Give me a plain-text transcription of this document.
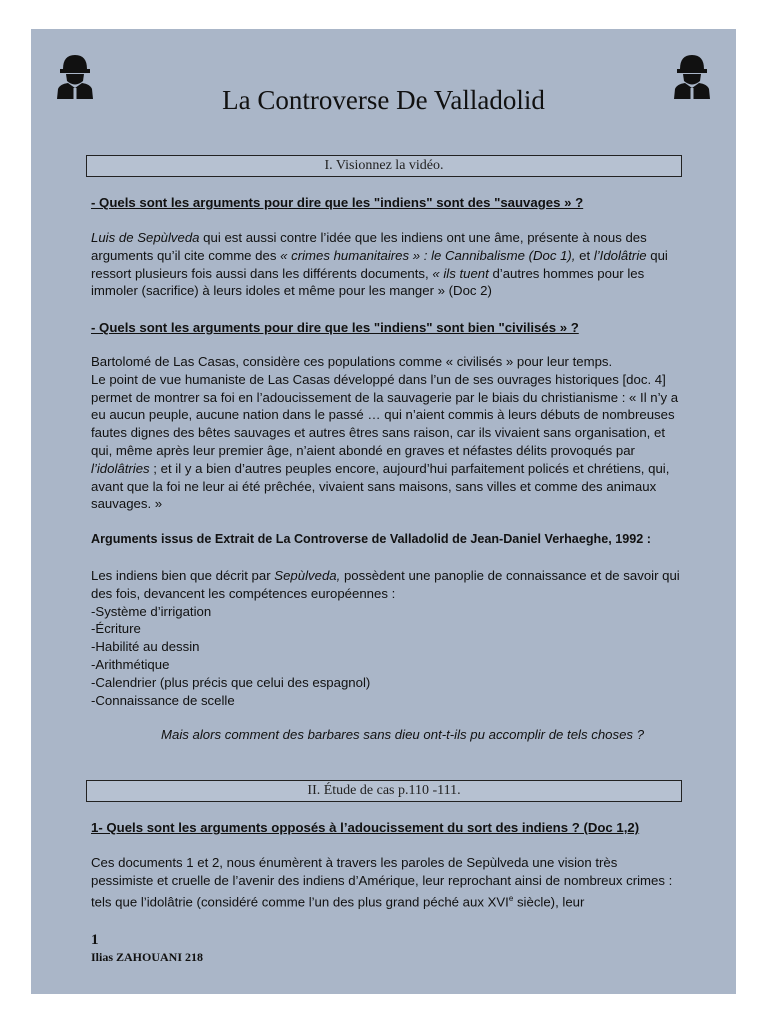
La Controverse De Valladolid
I. Visionnez la vidéo.
- Quels sont les arguments pour dire que les "indiens" sont des "sauvages » ?

Luis de Sepùlveda qui est aussi contre l’idée que les indiens ont une âme, présente à nous des arguments qu’il cite comme des « crimes humanitaires » : le Cannibalisme (Doc 1), et l’Idolâtrie qui ressort plusieurs fois aussi dans les différents documents, « ils tuent d’autres hommes pour les immoler (sacrifice) à leurs idoles et même pour les manger » (Doc 2)

- Quels sont les arguments pour dire que les "indiens" sont bien "civilisés » ?

Bartolomé de Las Casas, considère ces populations comme « civilisés » pour leur temps.

Le point de vue humaniste de Las Casas développé dans l’un de ses ouvrages historiques [doc. 4] permet de montrer sa foi en l’adoucissement de la sauvagerie par le biais du christianisme : « Il n’y a eu aucun peuple, aucune nation dans le passé … qui n’aient commis à leurs débuts de nombreuses fautes dignes des bêtes sauvages et autres êtres sans raison, car ils vivaient sans organisation, et qui, même après leur premier âge, n’aient abondé en graves et néfastes délits provoqués par l’idolâtries ; et il y a bien d’autres peuples encore, aujourd’hui parfaitement policés et chrétiens, qui, avant que la foi ne leur ai été prêchée, vivaient sans maisons, sans villes et comme des animaux sauvages. »

Arguments issus de Extrait de La Controverse de Valladolid de Jean-Daniel Verhaeghe, 1992 :

Les indiens bien que décrit par Sepùlveda, possèdent une panoplie de connaissance et de savoir qui des fois, devancent les compétences européennes :

-Système d’irrigation
-Écriture
-Habilité au dessin
-Arithmétique
-Calendrier (plus précis que celui des espagnol)
-Connaissance de scelle
Mais alors comment des barbares sans dieu ont-t-ils pu accomplir de tels choses ?
II. Étude de cas p.110 -111.
1- Quels sont les arguments opposés à l’adoucissement du sort des indiens ? (Doc 1,2)

Ces documents 1 et 2, nous énumèrent à travers les paroles de Sepùlveda une vision très pessimiste et cruelle de l’avenir des indiens d’Amérique, leur reprochant ainsi de nombreux crimes : tels que l’idolâtrie (considéré comme l’un des plus grand péché aux XVIe siècle), leur

1
Ilias ZAHOUANI 218
